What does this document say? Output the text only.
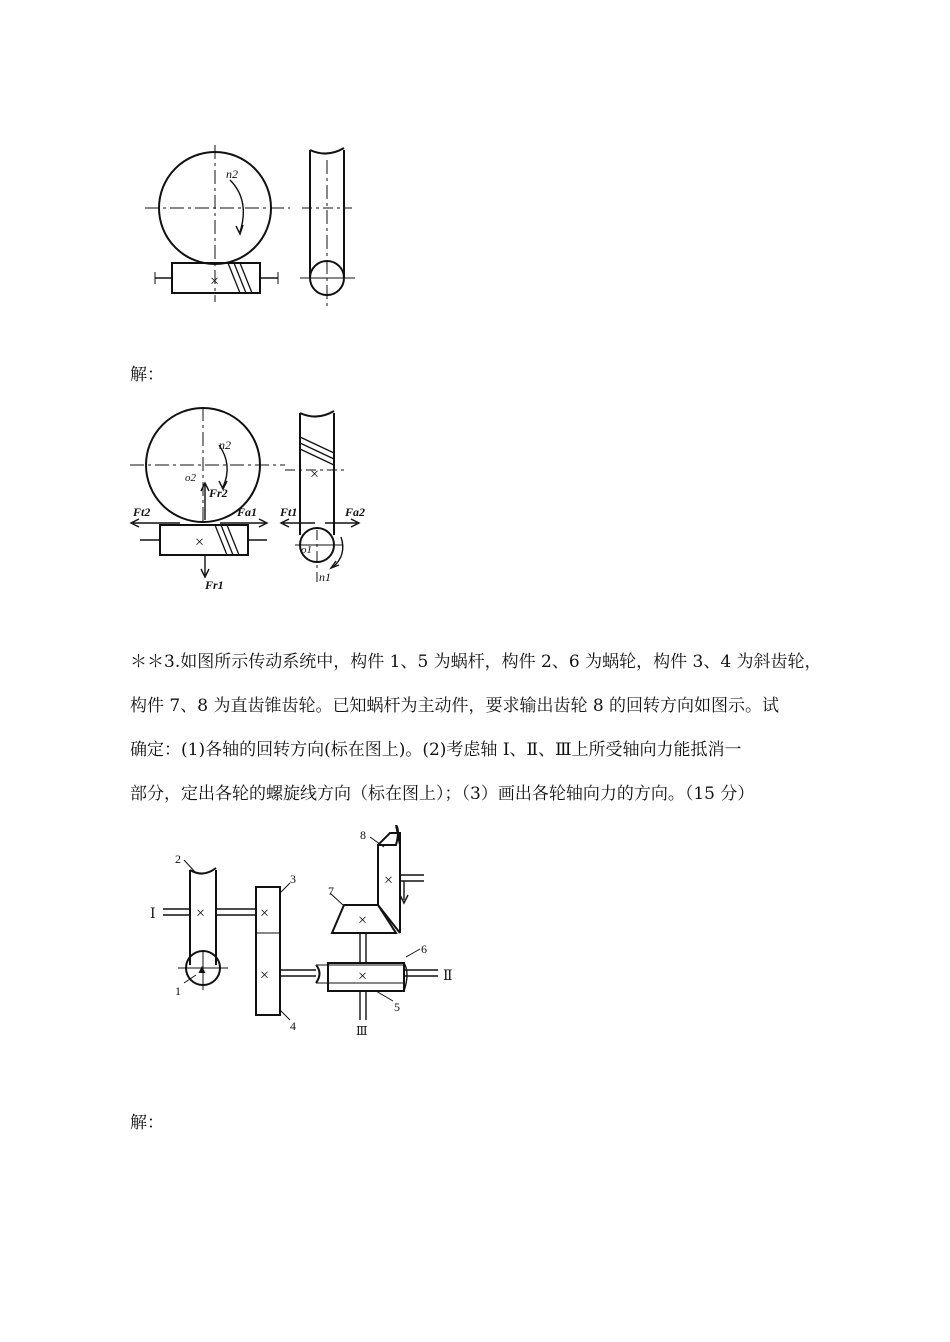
n2
×
解：
n2
o2
Fr2
×
Ft2	Fa1
Fr1
×
Ft1	Fa2
o1
n1
＊＊3.如图所示传动系统中，构件 1、5 为蜗杆，构件 2、6 为蜗轮，构件 3、4 为斜齿轮，
构件 7、8 为直齿锥齿轮。已知蜗杆为主动件，要求输出齿轮 8 的回转方向如图示。试
确定：(1)各轴的回转方向(标在图上)。(2)考虑轴 Ⅰ、Ⅱ、Ⅲ上所受轴向力能抵消一
部分，定出各轮的螺旋线方向（标在图上）；（3）画出各轮轴向力的方向。（15 分）
▲
×
Ⅰ
2
1
×
×
3
4
×	Ⅱ
6
5
Ⅲ
×
7
×
8
解：
